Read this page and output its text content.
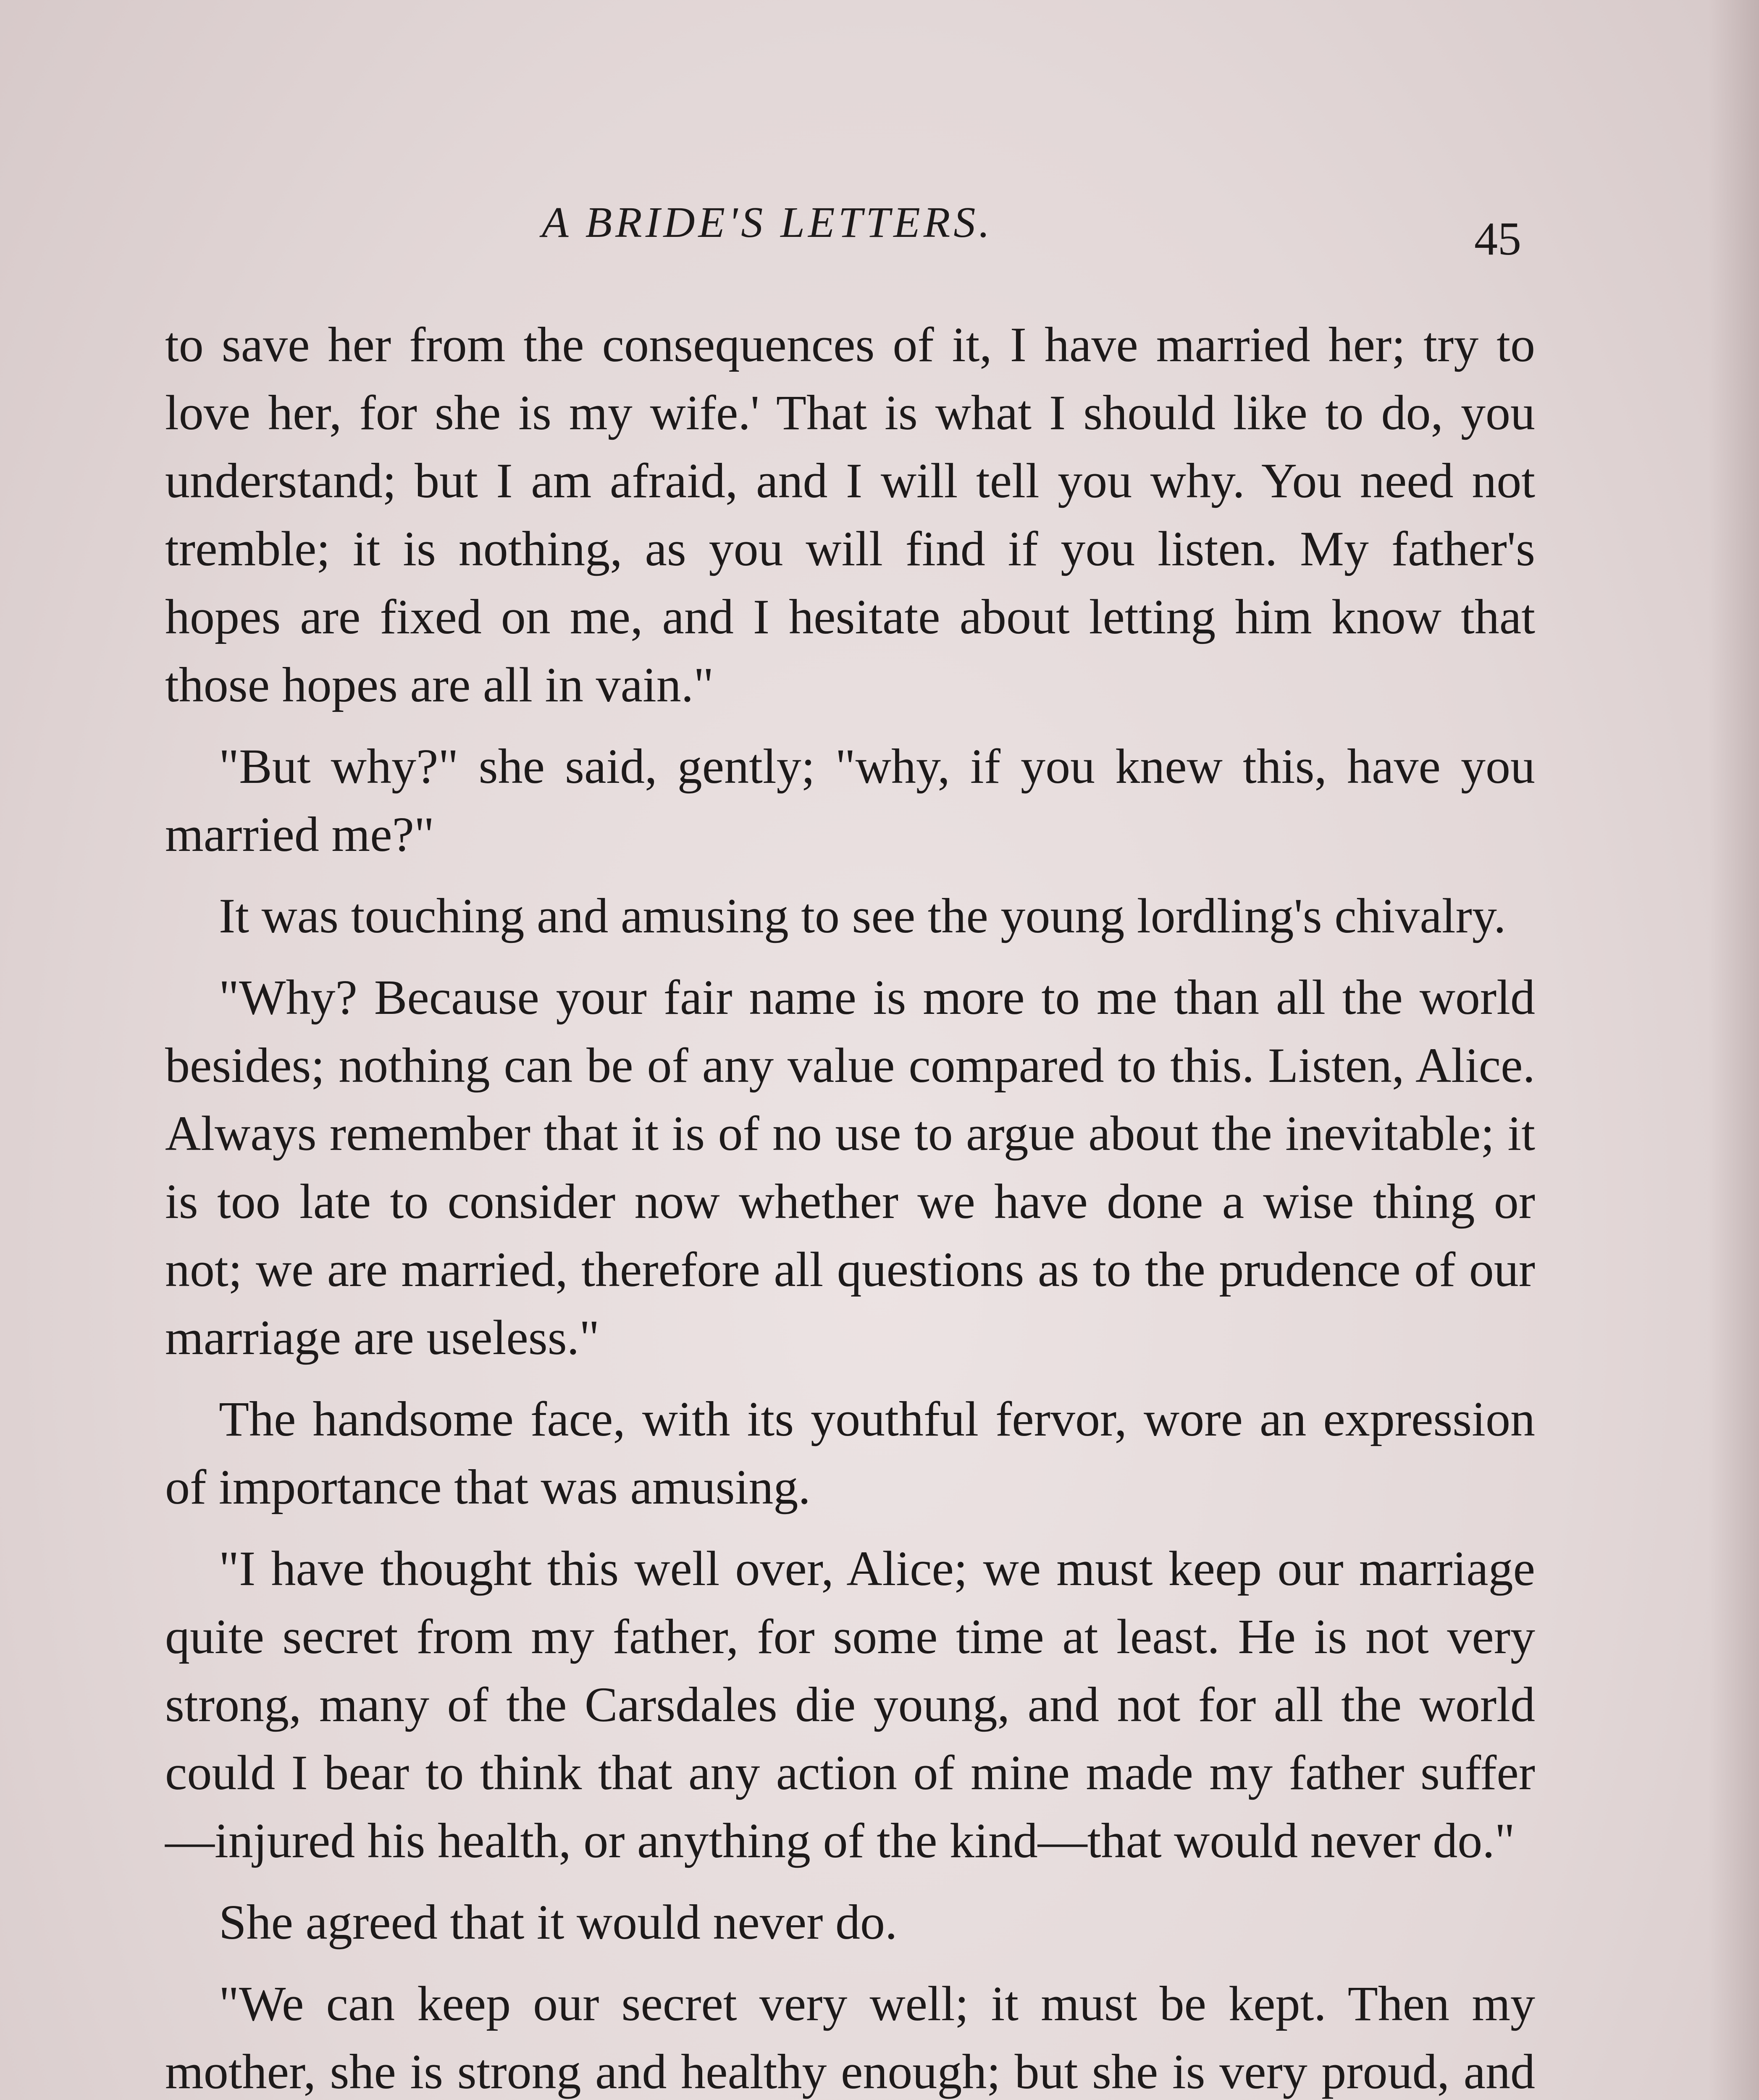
A BRIDE'S LETTERS.	45

to save her from the consequences of it, I have married her; try to love her, for she is my wife.' That is what I should like to do, you understand; but I am afraid, and I will tell you why. You need not tremble; it is nothing, as you will find if you listen. My father's hopes are fixed on me, and I hesitate about letting him know that those hopes are all in vain."

"But why?" she said, gently; "why, if you knew this, have you married me?"

It was touching and amusing to see the young lordling's chivalry.

"Why? Because your fair name is more to me than all the world besides; nothing can be of any value compared to this. Listen, Alice. Always remember that it is of no use to argue about the inevitable; it is too late to consider now whether we have done a wise thing or not; we are married, therefore all questions as to the prudence of our marriage are useless."

The handsome face, with its youthful fervor, wore an expression of importance that was amusing.

"I have thought this well over, Alice; we must keep our marriage quite secret from my father, for some time at least. He is not very strong, many of the Carsdales die young, and not for all the world could I bear to think that any action of mine made my father suffer—injured his health, or anything of the kind—that would never do."

She agreed that it would never do.

"We can keep our secret very well; it must be kept. Then my mother, she is strong and healthy enough; but she is very proud, and
